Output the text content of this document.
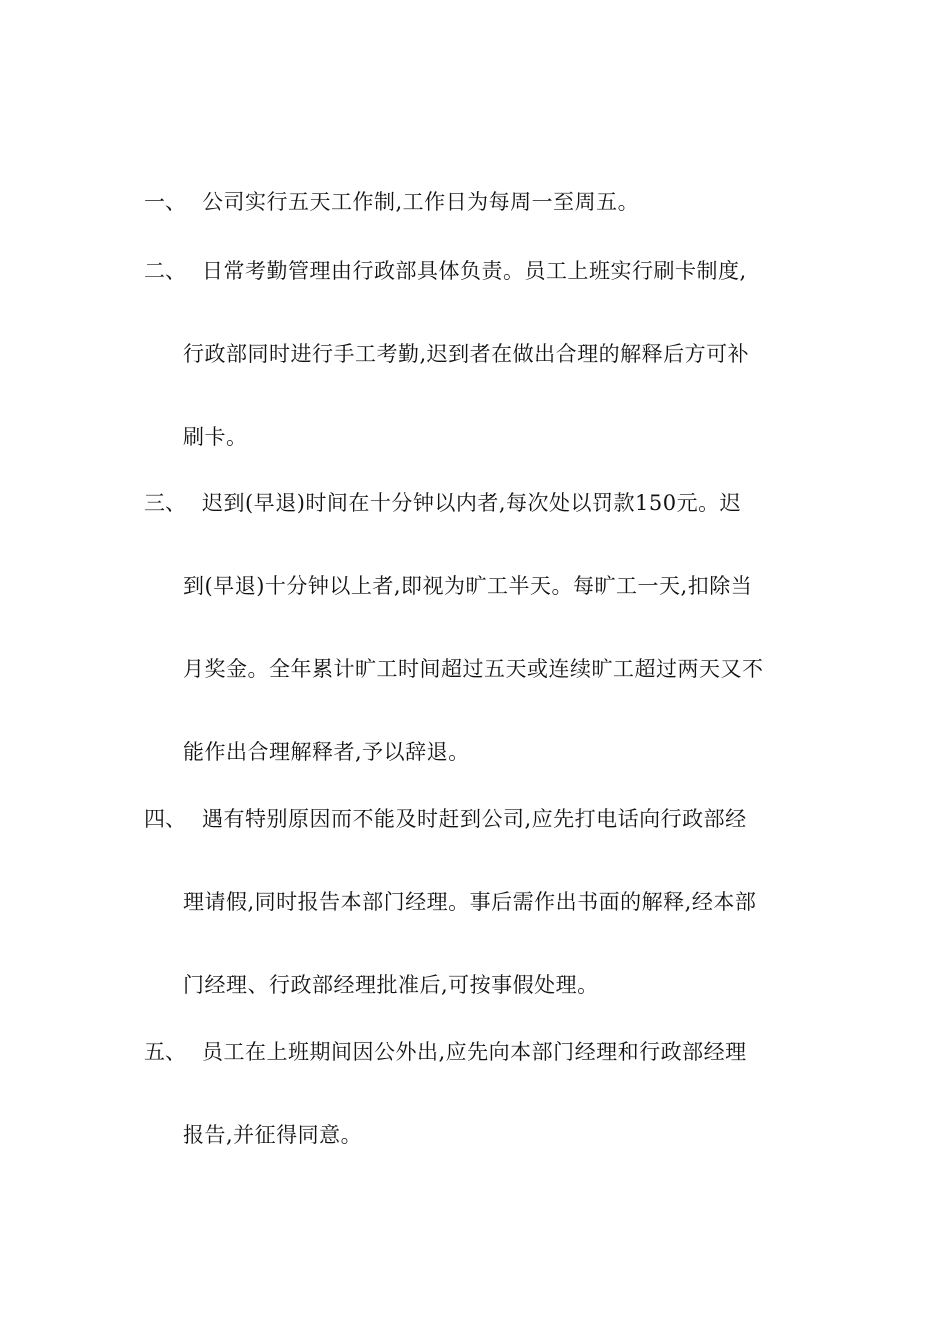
一、 公司实行五天工作制,工作日为每周一至周五。
二、 日常考勤管理由行政部具体负责。员工上班实行刷卡制度,
行政部同时进行手工考勤,迟到者在做出合理的解释后方可补
刷卡。
三、 迟到(早退)时间在十分钟以内者,每次处以罚款150元。迟
到(早退)十分钟以上者,即视为旷工半天。每旷工一天,扣除当
月奖金。全年累计旷工时间超过五天或连续旷工超过两天又不
能作出合理解释者,予以辞退。
四、 遇有特别原因而不能及时赶到公司,应先打电话向行政部经
理请假,同时报告本部门经理。事后需作出书面的解释,经本部
门经理、行政部经理批准后,可按事假处理。
五、 员工在上班期间因公外出,应先向本部门经理和行政部经理
报告,并征得同意。
